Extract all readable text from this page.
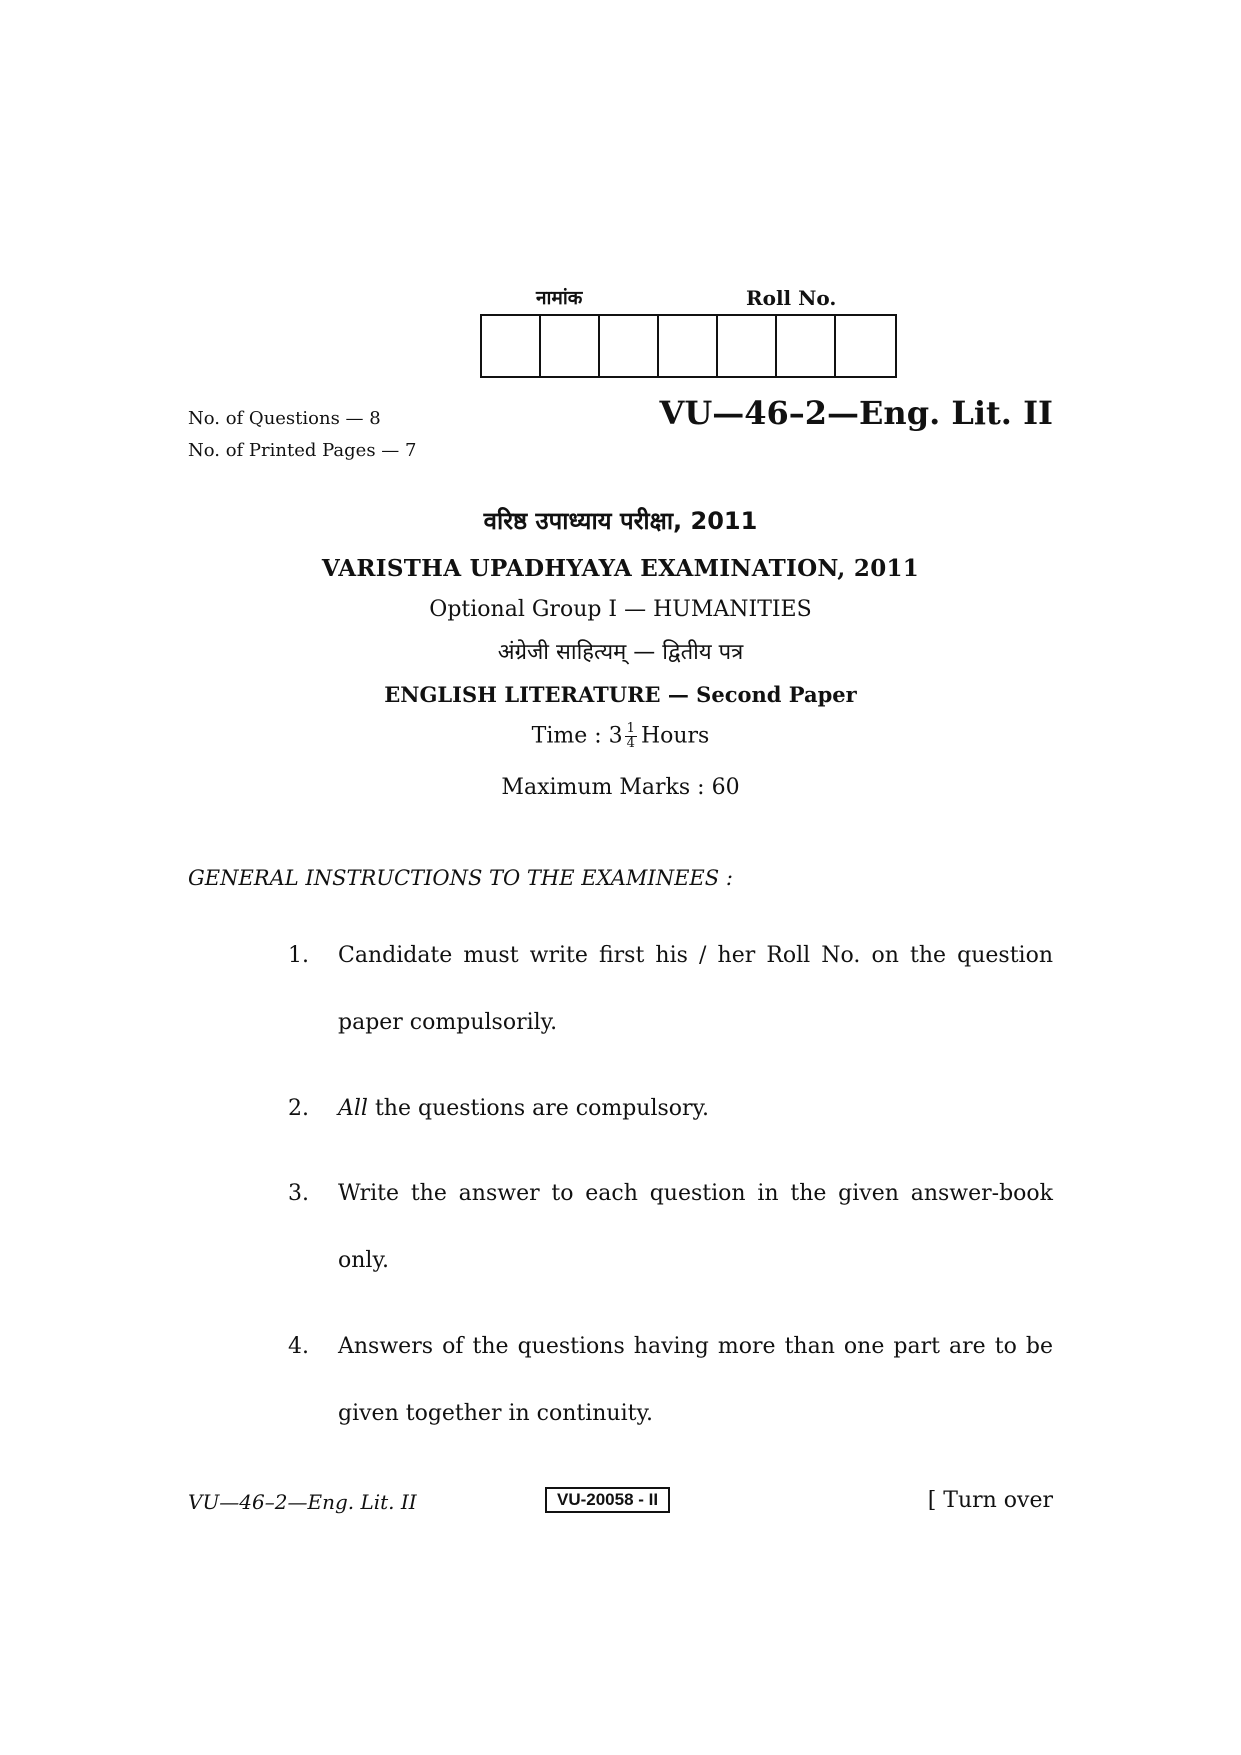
नामांक	Roll No.
No. of Questions — 8
No. of Printed Pages — 7
VU—46–2—Eng. Lit. II
वरिष्ठ उपाध्याय परीक्षा, 2011
VARISTHA UPADHYAYA EXAMINATION, 2011
Optional Group I — HUMANITIES
अंग्रेजी साहित्यम् — द्वितीय पत्र
ENGLISH LITERATURE — Second Paper
Time : $3 \frac{1}{4}$ Hours
Maximum Marks : 60
GENERAL INSTRUCTIONS TO THE EXAMINEES :
1. Candidate must write first his / her Roll No. on the question paper compulsorily.
2. All the questions are compulsory.
3. Write the answer to each question in the given answer-book only.
4. Answers of the questions having more than one part are to be given together in continuity.
VU—46–2—Eng. Lit. II	VU-20058 - II	[ Turn over
